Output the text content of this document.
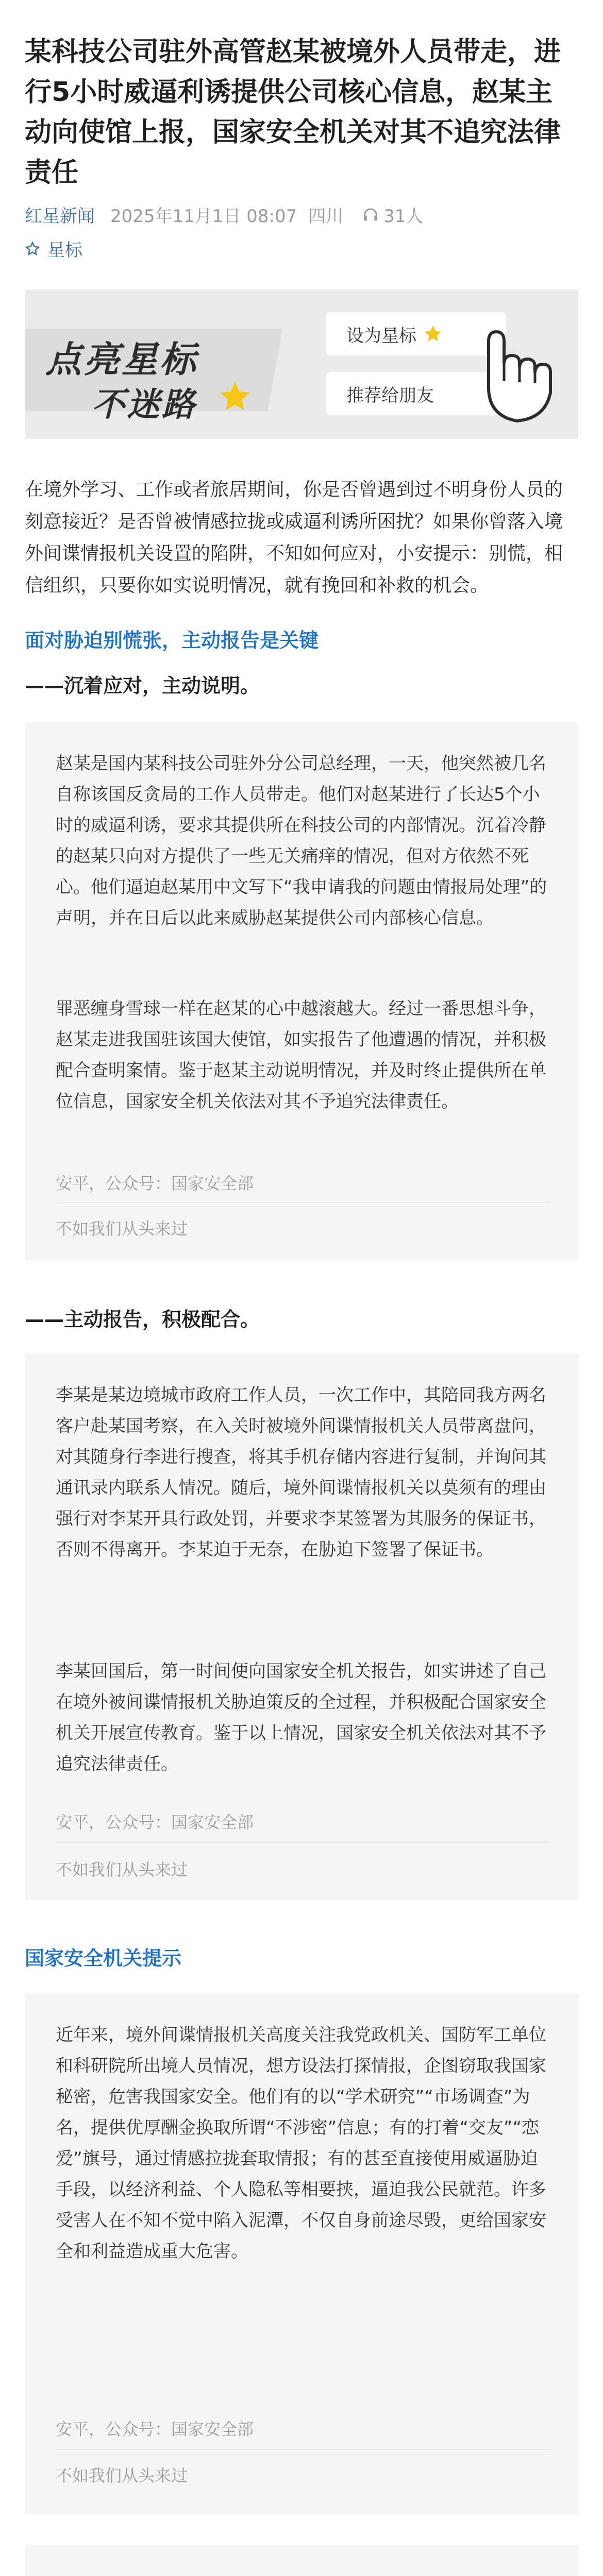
某科技公司驻外高管赵某被境外人员带走，进行5小时威逼利诱提供公司核心信息，赵某主动向使馆上报，国家安全机关对其不追究法律责任
红星新闻 2025年11月1日 08:07 四川 31人
星标
点亮星标
不迷路
设为星标
推荐给朋友
在境外学习、工作或者旅居期间，你是否曾遇到过不明身份人员的刻意接近？是否曾被情感拉拢或威逼利诱所困扰？如果你曾落入境外间谍情报机关设置的陷阱，不知如何应对，小安提示：别慌，相信组织，只要你如实说明情况，就有挽回和补救的机会。
面对胁迫别慌张，主动报告是关键
——沉着应对，主动说明。
赵某是国内某科技公司驻外分公司总经理，一天，他突然被几名自称该国反贪局的工作人员带走。他们对赵某进行了长达5个小时的威逼利诱，要求其提供所在科技公司的内部情况。沉着冷静的赵某只向对方提供了一些无关痛痒的情况，但对方依然不死心。他们逼迫赵某用中文写下“我申请我的问题由情报局处理”的声明，并在日后以此来威胁赵某提供公司内部核心信息。
罪恶缠身雪球一样在赵某的心中越滚越大。经过一番思想斗争，赵某走进我国驻该国大使馆，如实报告了他遭遇的情况，并积极配合查明案情。鉴于赵某主动说明情况，并及时终止提供所在单位信息，国家安全机关依法对其不予追究法律责任。
安平，公众号：国家安全部
不如我们从头来过
——主动报告，积极配合。
李某是某边境城市政府工作人员，一次工作中，其陪同我方两名客户赴某国考察，在入关时被境外间谍情报机关人员带离盘问，对其随身行李进行搜查，将其手机存储内容进行复制，并询问其通讯录内联系人情况。随后，境外间谍情报机关以莫须有的理由强行对李某开具行政处罚，并要求李某签署为其服务的保证书，否则不得离开。李某迫于无奈，在胁迫下签署了保证书。
李某回国后，第一时间便向国家安全机关报告，如实讲述了自己在境外被间谍情报机关胁迫策反的全过程，并积极配合国家安全机关开展宣传教育。鉴于以上情况，国家安全机关依法对其不予追究法律责任。
安平，公众号：国家安全部
不如我们从头来过
国家安全机关提示
近年来，境外间谍情报机关高度关注我党政机关、国防军工单位和科研院所出境人员情况，想方设法打探情报，企图窃取我国家秘密，危害我国家安全。他们有的以“学术研究”“市场调查”为名，提供优厚酬金换取所谓“不涉密”信息；有的打着“交友”“恋爱”旗号，通过情感拉拢套取情报；有的甚至直接使用威逼胁迫手段，以经济利益、个人隐私等相要挟，逼迫我公民就范。许多受害人在不知不觉中陷入泥潭，不仅自身前途尽毁，更给国家安全和利益造成重大危害。
安平，公众号：国家安全部
不如我们从头来过
